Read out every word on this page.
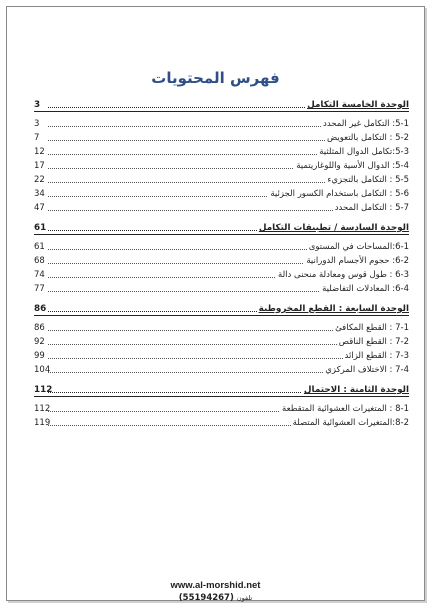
فهرس المحتويات
3	الوحدة الخامسة التكامل
3	5-1: التكامل غير المحدد
7	5-2 : التكامل بالتعويض
12	5-3:تكامل الدوال المثلثية
17	5-4: الدوال الأسية واللوغاريتمية
22	5-5 : التكامل بالتجزيء
34	5-6 : التكامل باستخدام الكسور الجزئية
47	5-7 : التكامل المحدد
61	الوحدة السادسة / تطبيقات التكامل
61	6-1:المساحات في المستوى
68	6-2: حجوم الأجسام الدورانية
74	6-3 : طول قوس ومعادلة منحنى دالة
77	6-4: المعادلات التفاضلية
86	الوحدة السابعة : القطع المخروطية
86	7-1 : القطع المكافئ
92	7-2 : القطع الناقص
99	7-3 : القطع الزائد
104	7-4 : الاختلاف المركزي
112	الوحدة الثامنة : الاحتمال
112	8-1 : المتغيرات العشوائية المتقطعة
119	8-2:المتغيرات العشوائية المتصلة
www.al-morshid.net
تلفون (55194267)
